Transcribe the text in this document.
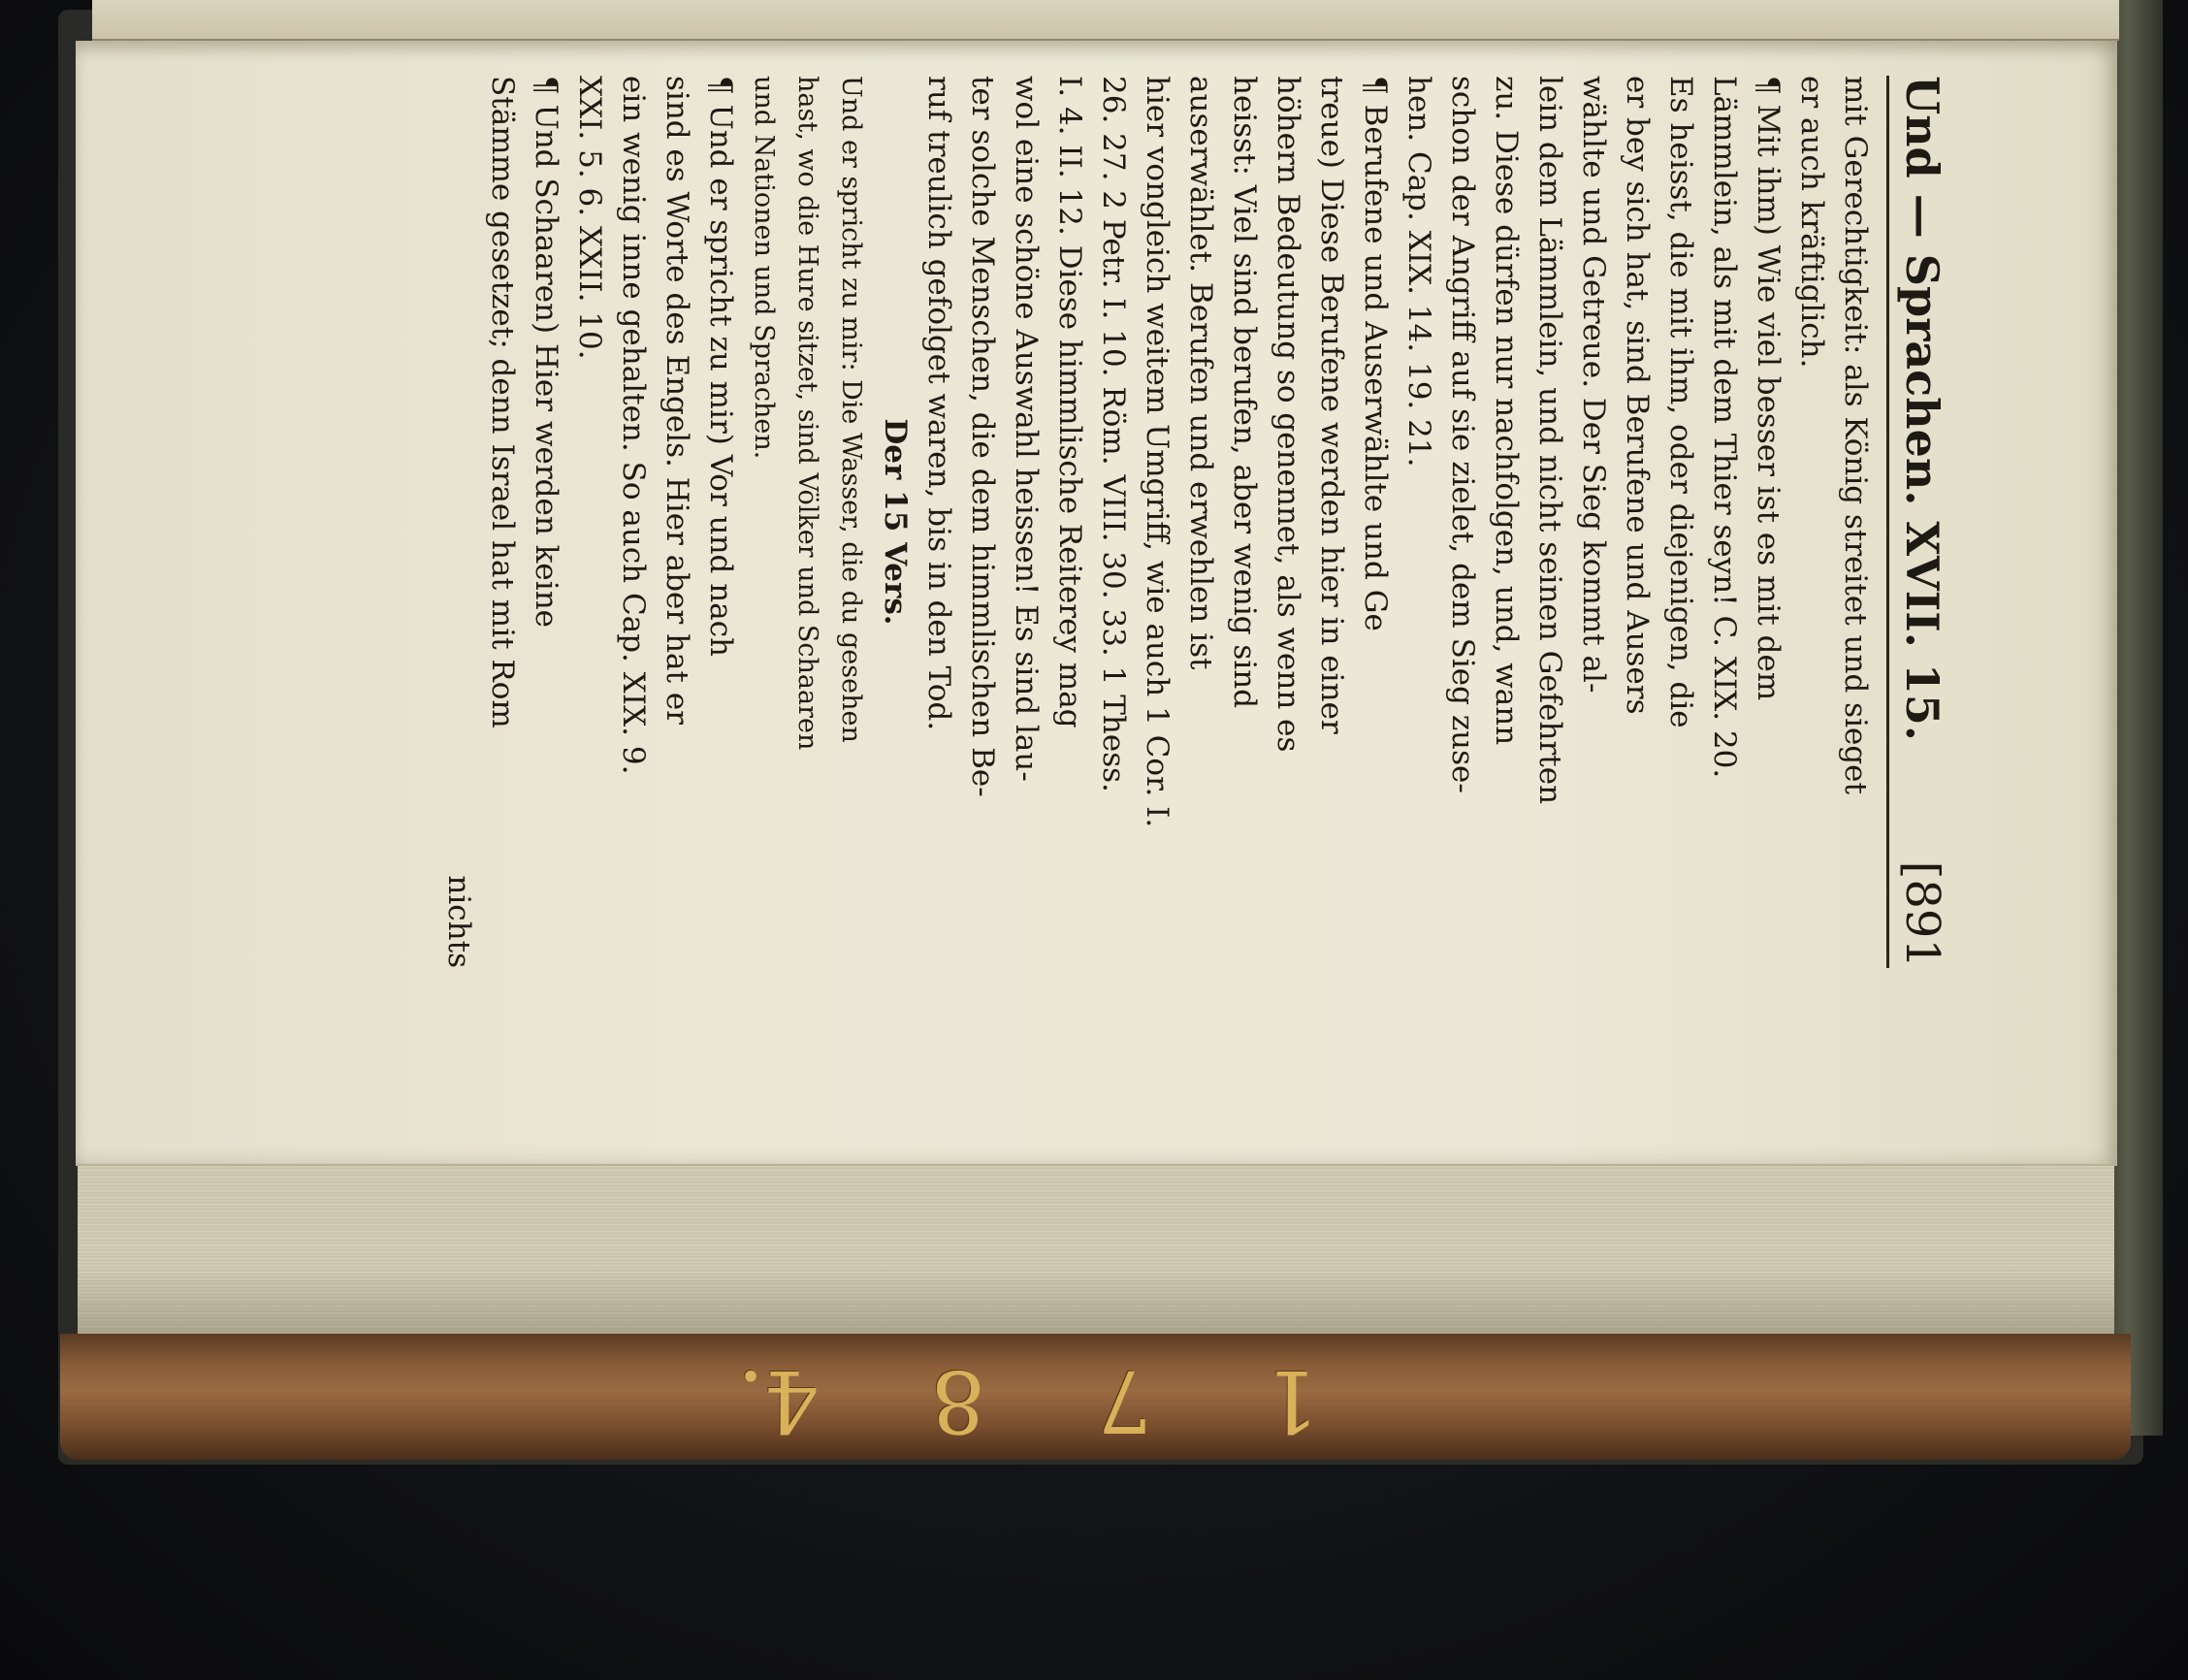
Und — Sprachen. XVII. 15.
[891
mit Gerechtigkeit: als König streitet und sieget
er auch kräftiglich.
¶ Mit ihm) Wie viel besser ist es mit dem
Lämmlein, als mit dem Thier seyn! C. XIX. 20.
Es heisst, die mit ihm, oder diejenigen, die
er bey sich hat, sind Berufene und Ausers
wählte und Getreue. Der Sieg kommt al-
lein dem Lämmlein, und nicht seinen Gefehrten
zu. Diese dürfen nur nachfolgen, und, wann
schon der Angriff auf sie zielet, dem Sieg zuse-
hen. Cap. XIX. 14. 19. 21.
¶ Berufene und Auserwählte und Ge
treue) Diese Berufene werden hier in einer
höhern Bedeutung so genennet, als wenn es
heisst: Viel sind berufen, aber wenig sind
auserwählet. Berufen und erwehlen ist
hier vongleich weitem Umgriff, wie auch 1 Cor. I.
26. 27. 2 Petr. I. 10. Röm. VIII. 30. 33. 1 Thess.
I. 4. II. 12. Diese himmlische Reiterey mag
wol eine schöne Auswahl heissen! Es sind lau-
ter solche Menschen, die dem himmlischen Be-
ruf treulich gefolget waren, bis in den Tod.
Der 15 Vers.
Und er spricht zu mir: Die Wasser, die du gesehen
hast, wo die Hure sitzet, sind Völker und Schaaren
und Nationen und Sprachen.
¶ Und er spricht zu mir) Vor und nach
sind es Worte des Engels. Hier aber hat er
ein wenig inne gehalten. So auch Cap. XIX. 9.
XXI. 5. 6. XXII. 10.
¶ Und Schaaren) Hier werden keine
Stämme gesetzet; denn Israel hat mit Rom
nichts
1
7
8
4.
